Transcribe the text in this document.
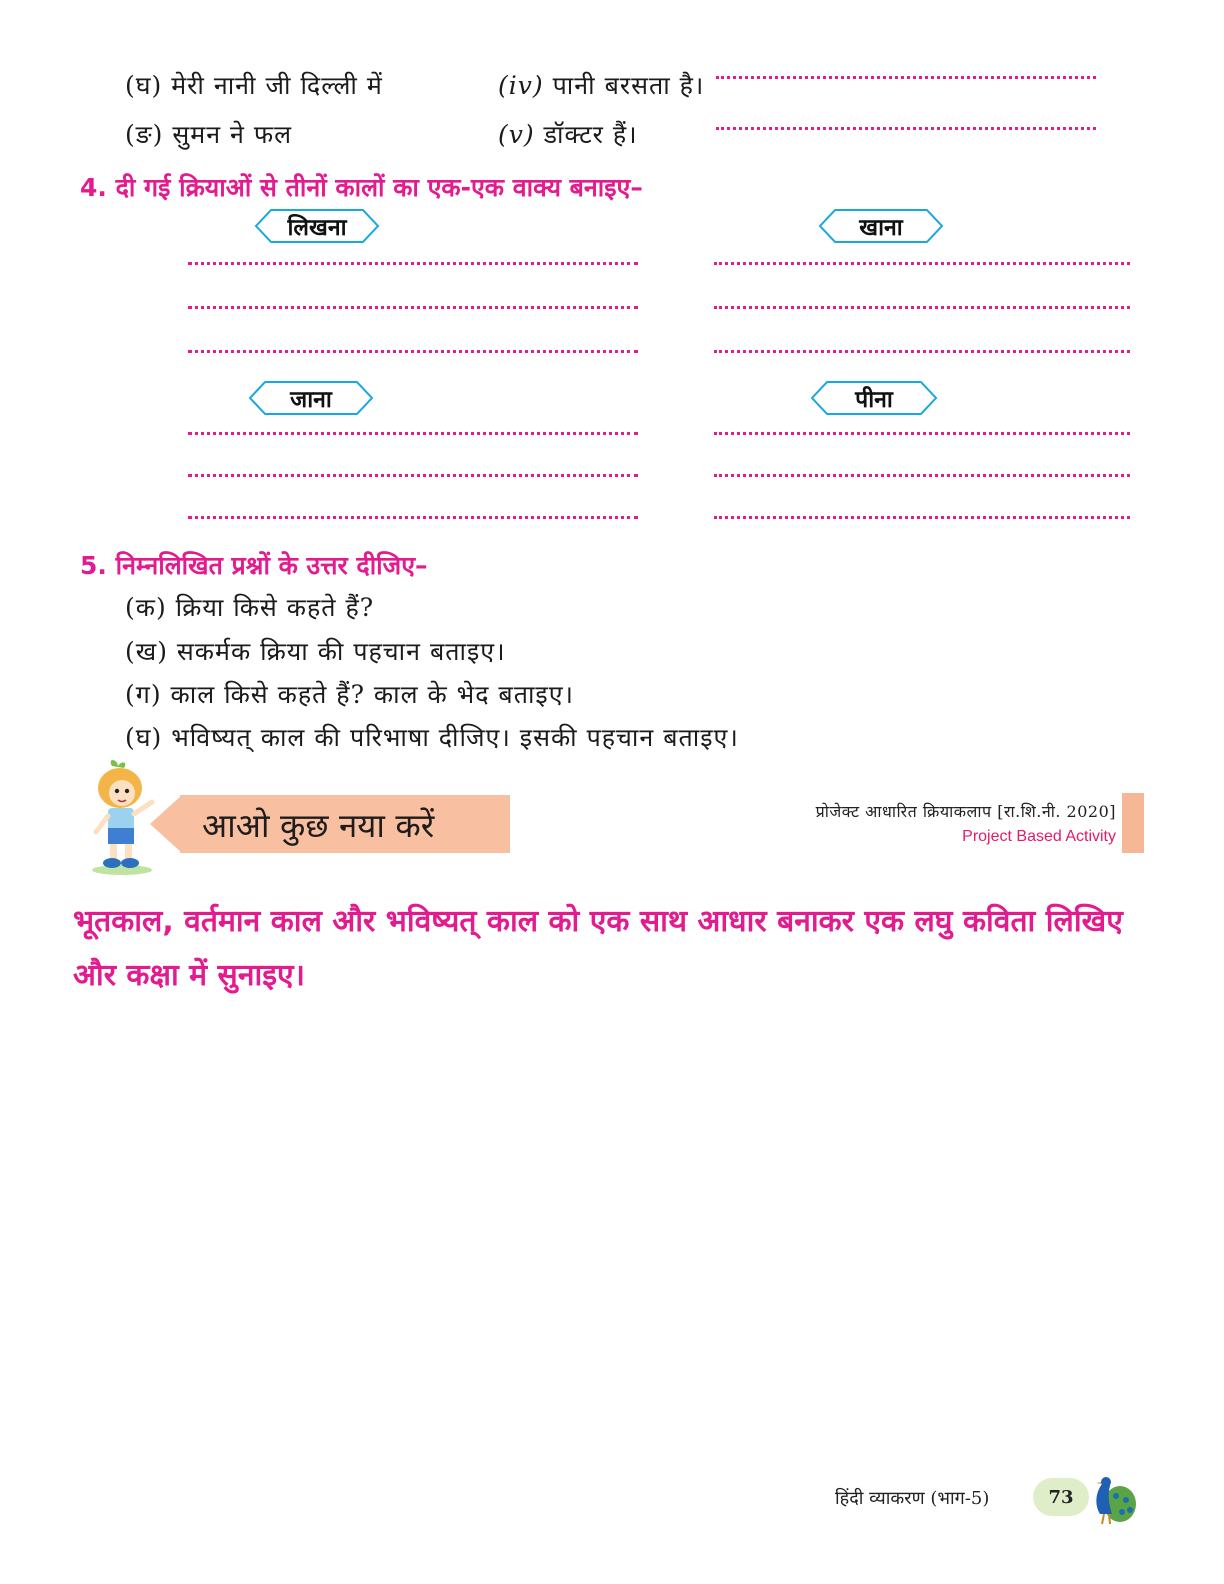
(घ) मेरी नानी जी दिल्ली में	(iv) पानी बरसता है।
(ङ) सुमन ने फल	(v) डॉक्टर हैं।
4. दी गई क्रियाओं से तीनों कालों का एक-एक वाक्य बनाइए–
लिखना	खाना
जाना	पीना
5. निम्नलिखित प्रश्नों के उत्तर दीजिए–
(क) क्रिया किसे कहते हैं?
(ख) सकर्मक क्रिया की पहचान बताइए।
(ग) काल किसे कहते हैं? काल के भेद बताइए।
(घ) भविष्यत् काल की परिभाषा दीजिए। इसकी पहचान बताइए।
आओ कुछ नया करें	प्रोजेक्ट आधारित क्रियाकलाप [रा.शि.नी. 2020]
Project Based Activity
भूतकाल, वर्तमान काल और भविष्यत् काल को एक साथ आधार बनाकर एक लघु कविता लिखिए और कक्षा में सुनाइए।
हिंदी व्याकरण (भाग-5)	73
